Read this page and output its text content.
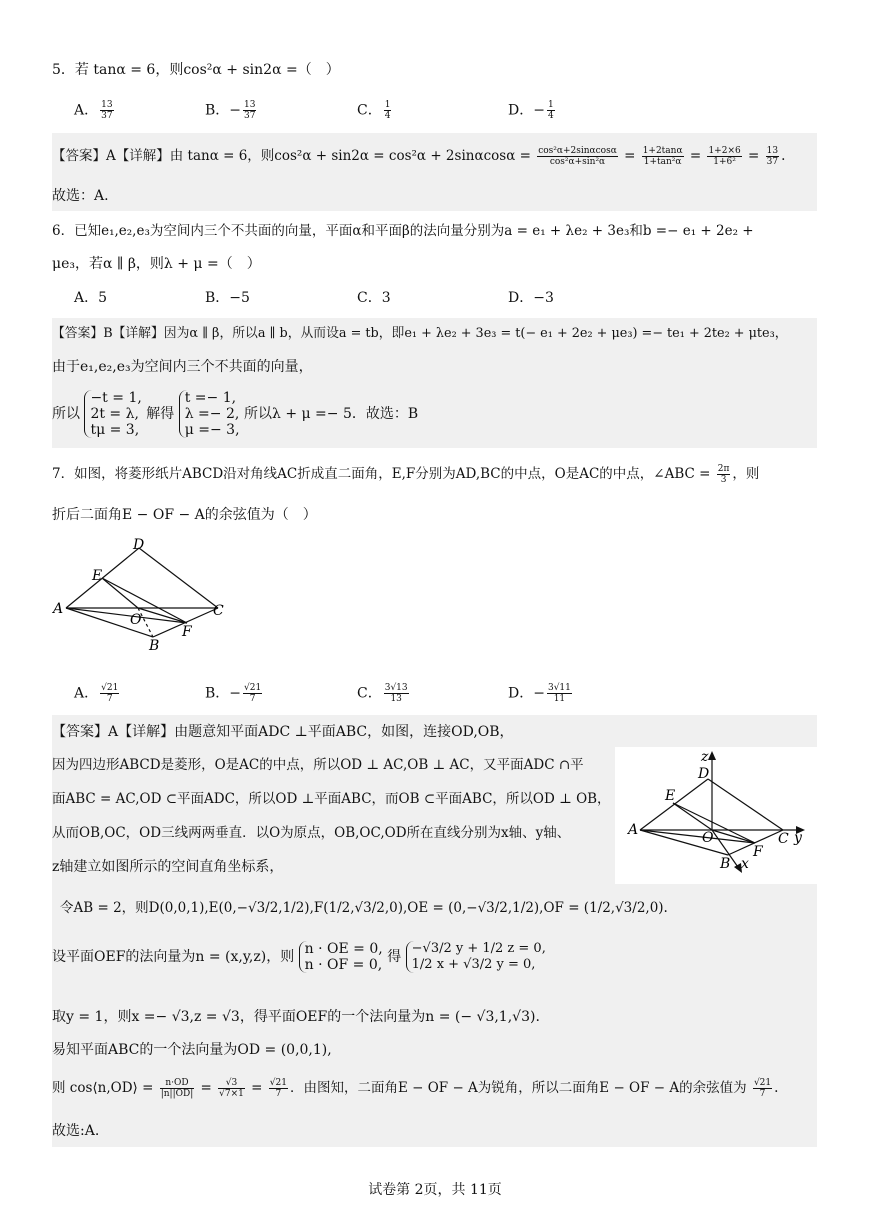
5．若 tanα = 6，则cos²α + sin2α =（　）
A． $\frac{13}{37}$	B．− $\frac{13}{37}$	C． $\frac{1}{4}$	D．− $\frac{1}{4}$
【答案】A【详解】由 tanα = 6，则$\cos^2\alpha + \sin 2\alpha = \cos^2\alpha + 2\sin\alpha\cos\alpha = \frac{\text{cos²α+2sinαcosα}}{\text{cos²α+sin²α}} = \frac{1+2\tan\alpha}{\text{1+tan²α}} = \frac{1+2\times 6}{\text{1+6²}} = \frac{13}{37}$ .
故选：A.
6．已知e₁,e₂,e₃为空间内三个不共面的向量，平面α和平面β的法向量分别为a = e₁ + λe₂ + 3e₃和b =− e₁ + 2e₂ +
μe₃，若α ∥ β，则λ + μ =（　）
A．5	B．−5	C．3	D．−3
【答案】B【详解】因为α ∥ β，所以a ∥ b，从而设a = tb，即e₁ + λe₂ + 3e₃ = t(− e₁ + 2e₂ + μe₃) =− te₁ + 2te₂ + μte₃，
由于e₁,e₂,e₃为空间内三个不共面的向量，
所以
−t = 1,
2t = λ,
tμ = 3,
解得
t =− 1,
λ =− 2,
μ =− 3,
所以λ + μ =− 5．故选：B
7．如图，将菱形纸片ABCD沿对角线AC折成直二面角，E,F分别为AD,BC的中点，O是AC的中点，∠ABC = $\frac{2\pi}{3}$ ，则
折后二面角E − OF − A的余弦值为（　）
D
E
A
O
C
F
B
A． $\frac{√21}{7}$	B．− $\frac{√21}{7}$	C． $\frac{3√13}{13}$	D．− $\frac{3√11}{11}$
【答案】A【详解】由题意知平面ADC ⊥平面ABC，如图，连接OD,OB，
因为四边形ABCD是菱形，O是AC的中点，所以OD ⊥ AC,OB ⊥ AC，又平面ADC ∩平
面ABC = AC,OD ⊂平面ADC，所以OD ⊥平面ABC，而OB ⊂平面ABC，所以OD ⊥ OB，
从而OB,OC，OD三线两两垂直．以O为原点，OB,OC,OD所在直线分别为x轴、y轴、
z轴建立如图所示的空间直角坐标系，
z
D
E
A	O	C y
F
B x
令AB = 2，则D(0,0,1),E(0,−√3/2,1/2),F(1/2,√3/2,0),OE = (0,−√3/2,1/2),OF = (1/2,√3/2,0).
设平面OEF的法向量为n = (x,y,z)，则 n · OE = 0,
n · OF = 0, 得
−√3/2 y + 1/2 z = 0,
1/2 x + √3/2 y = 0,
取y = 1，则x =− √3,z = √3，得平面OEF的一个法向量为n = (− √3,1,√3).
易知平面ABC的一个法向量为OD = (0,0,1),
则 cos⟨n,OD⟩ = $\frac{n\cdot OD}{|n||OD|} = \frac{√3}{√7\times 1} = \frac{√21}{7}$ ．由图知，二面角E − OF − A为锐角，所以二面角E − OF − A的余弦值为 $\frac{√21}{7}$ .
故选:A.
试卷第 2页，共 11页
